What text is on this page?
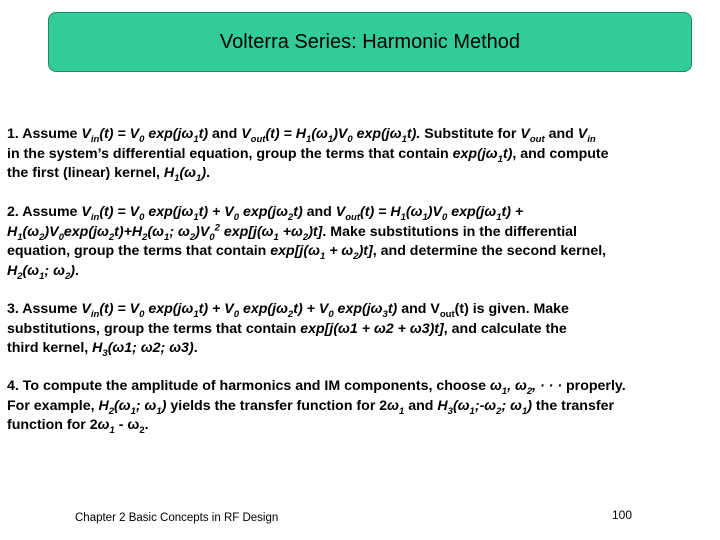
Volterra Series: Harmonic Method

1. Assume $V_{in}(t) = V_0$ $\exp(j\omega_1t)$ and $V_{out}(t) = H_1(\omega_1)V_0$ $\exp(j\omega_1t)$. Substitute for $V_{out}$ and $V_{in}$
in the system’s differential equation, group the terms that contain $\exp(j\omega_1t)$, and compute
the first (linear) kernel, $H_1(\omega_1)$.

2. Assume $V_{in}(t) = V_0$ $\exp(j\omega_1t) + V_0$ $\exp(j\omega_2t)$ and $V_{out}(t) = H_1(\omega_1)V_0$ $\exp(j\omega_1t)$ +
$H_1(\omega_2)V_0\exp(j\omega_2t)+H_2(\omega_1$; $\omega_2)V_0^2$ $\exp[j(\omega_1 +\omega_2)t]$. Make substitutions in the differential
equation, group the terms that contain $\exp[j(\omega_1 + \omega_2)t]$, and determine the second kernel,
$H_2(\omega_1$; $\omega_2$).

3. Assume $V_{in}(t) = V_0$ $\exp(j\omega_1t) + V_0$ $\exp(j\omega_2t) + V_0$ $\exp(j\omega_3t)$ and $V_{out}(t)$ is given. Make
substitutions, group the terms that contain exp[j(ω1 + ω2 + ω3)t], and calculate the
third kernel, $H_3(\omega 1$; ω2; ω3).

4. To compute the amplitude of harmonics and IM components, choose $\omega_1$, $\omega_2$, · · · properly.
For example, $H_2(\omega_1$; $\omega_1$) yields the transfer function for $2\omega_1$ and $H_3(\omega_1;-\omega_2$; $\omega_1$) the transfer
function for $2\omega_1 - \omega_2$.

Chapter 2 Basic Concepts in RF Design	100
